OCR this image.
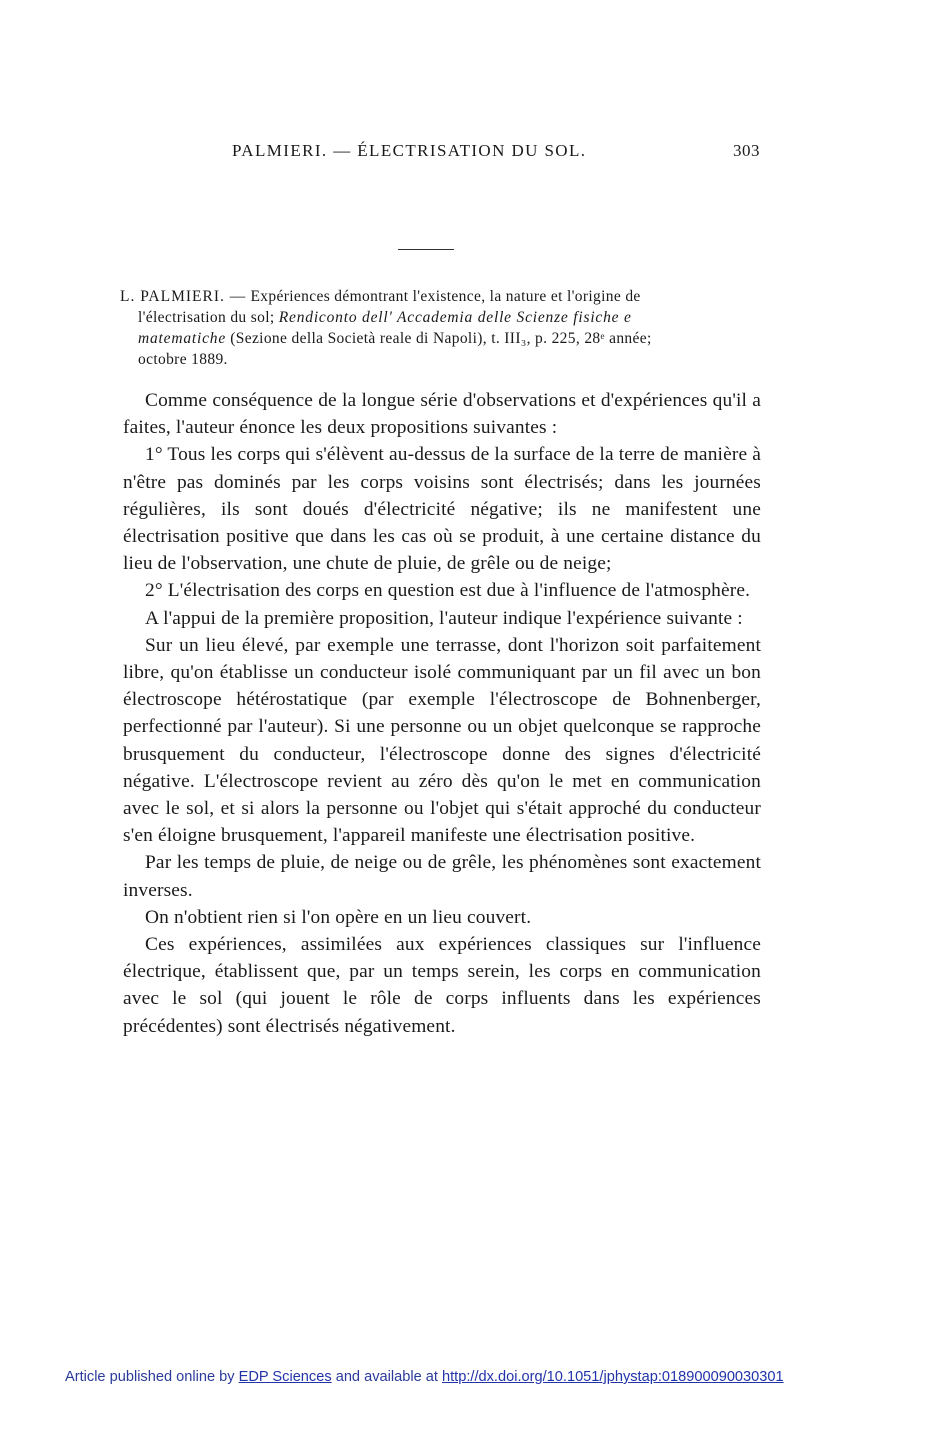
PALMIERI. — ÉLECTRISATION DU SOL.	303
L. PALMIERI. — Expériences démontrant l'existence, la nature et l'origine de
l'électrisation du sol; Rendiconto dell' Accademia delle Scienze fisiche e
matematiche (Sezione della Società reale di Napoli), t. III₃, p. 225, 28ᵉ année;
octobre 1889.

Comme conséquence de la longue série d'observations et d'expériences qu'il a faites, l'auteur énonce les deux propositions suivantes :

1° Tous les corps qui s'élèvent au-dessus de la surface de la terre de manière à n'être pas dominés par les corps voisins sont électrisés; dans les journées régulières, ils sont doués d'électricité négative; ils ne manifestent une électrisation positive que dans les cas où se produit, à une certaine distance du lieu de l'observation, une chute de pluie, de grêle ou de neige;

2° L'électrisation des corps en question est due à l'influence de l'atmosphère.

A l'appui de la première proposition, l'auteur indique l'expérience suivante :

Sur un lieu élevé, par exemple une terrasse, dont l'horizon soit parfaitement libre, qu'on établisse un conducteur isolé communiquant par un fil avec un bon électroscope hétérostatique (par exemple l'électroscope de Bohnenberger, perfectionné par l'auteur). Si une personne ou un objet quelconque se rapproche brusquement du conducteur, l'électroscope donne des signes d'électricité négative. L'électroscope revient au zéro dès qu'on le met en communication avec le sol, et si alors la personne ou l'objet qui s'était approché du conducteur s'en éloigne brusquement, l'appareil manifeste une électrisation positive.

Par les temps de pluie, de neige ou de grêle, les phénomènes sont exactement inverses.

On n'obtient rien si l'on opère en un lieu couvert.

Ces expériences, assimilées aux expériences classiques sur l'influence électrique, établissent que, par un temps serein, les corps en communication avec le sol (qui jouent le rôle de corps influents dans les expériences précédentes) sont électrisés négativement.

Article published online by EDP Sciences and available at http://dx.doi.org/10.1051/jphystap:018900090030301
